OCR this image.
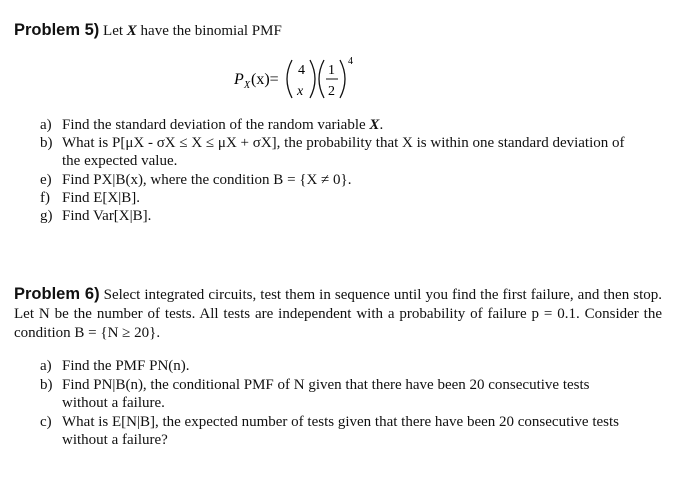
Problem 5) Let X have the binomial PMF
P X (x)=
4
x
1
2
4
a) Find the standard deviation of the random variable X.
b) What is P[μX - σX ≤ X ≤ μX + σX], the probability that X is within one standard deviation of
the expected value.
e) Find PX|B(x), where the condition B = {X ≠ 0}.
f) Find E[X|B].
g) Find Var[X|B].
Problem 6) Select integrated circuits, test them in sequence until you find the first failure, and then stop. Let N be the number of tests. All tests are independent with a probability of failure p = 0.1. Consider the condition B = {N ≥ 20}.
a) Find the PMF PN(n).
b) Find PN|B(n), the conditional PMF of N given that there have been 20 consecutive tests
without a failure.
c) What is E[N|B], the expected number of tests given that there have been 20 consecutive tests
without a failure?
